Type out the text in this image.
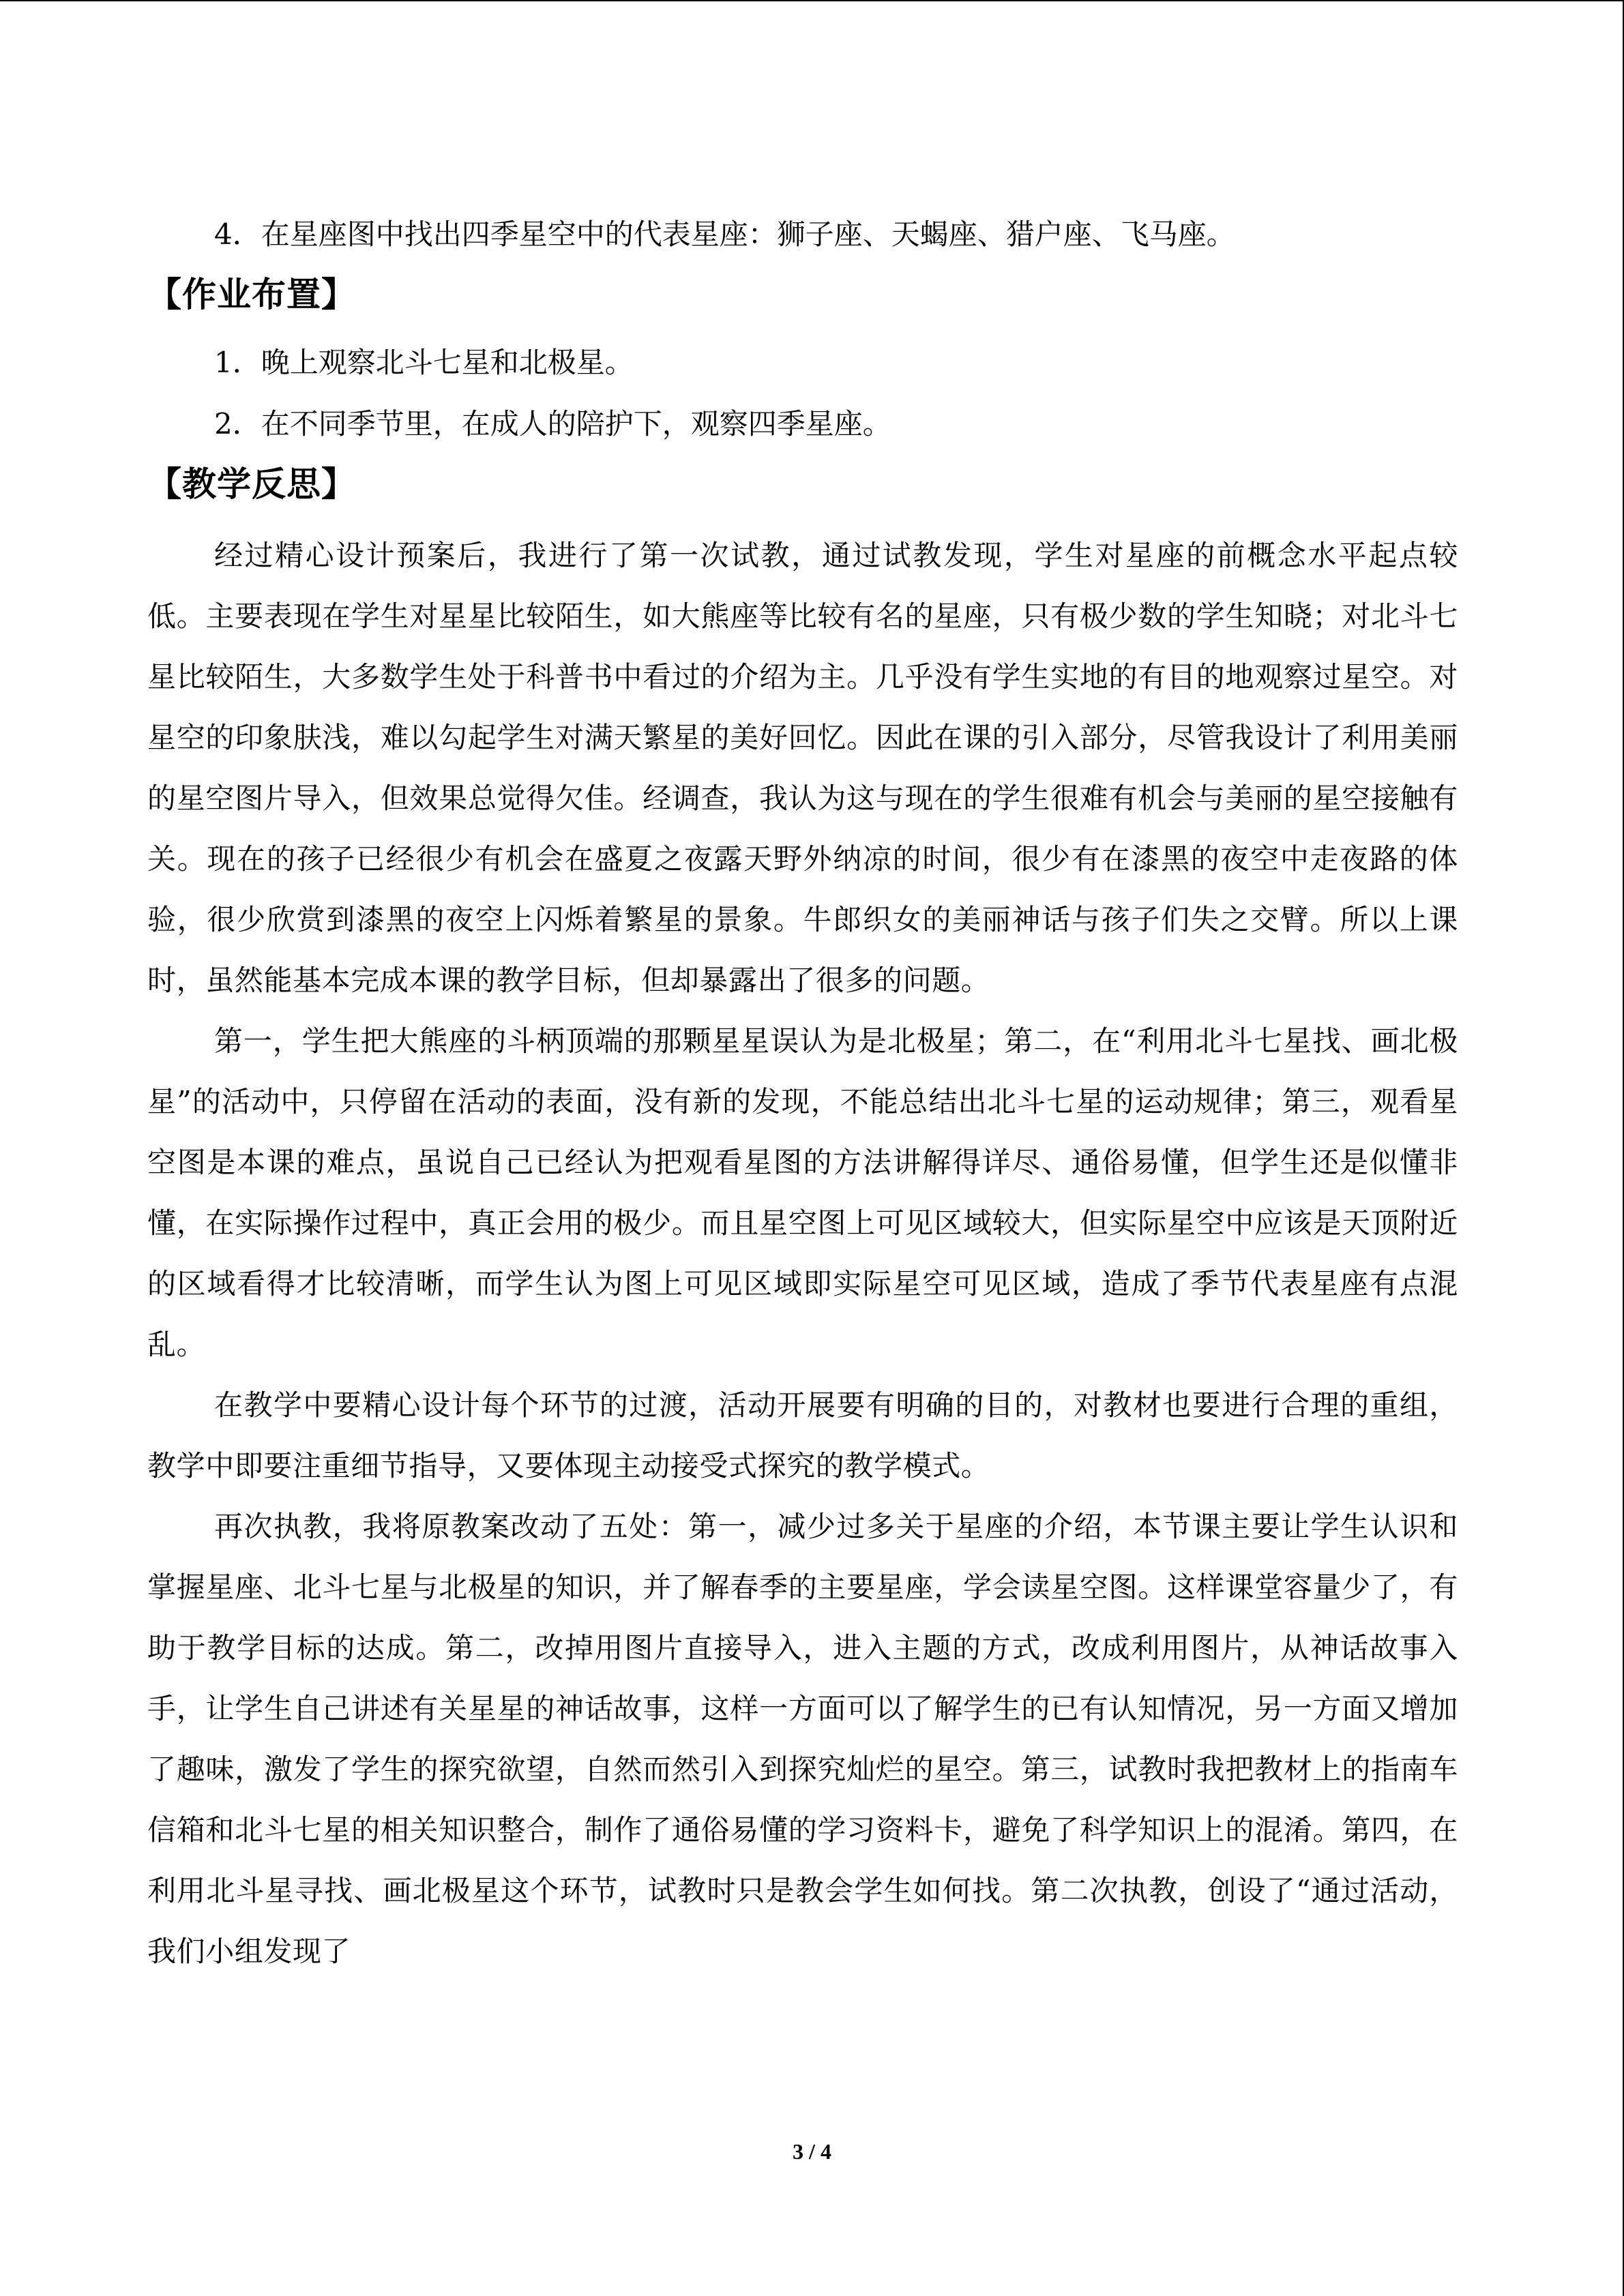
4．在星座图中找出四季星空中的代表星座：狮子座、天蝎座、猎户座、飞马座。

【作业布置】

1．晚上观察北斗七星和北极星。

2．在不同季节里，在成人的陪护下，观察四季星座。

【教学反思】

经过精心设计预案后，我进行了第一次试教，通过试教发现，学生对星座的前概念水平起点较低。主要表现在学生对星星比较陌生，如大熊座等比较有名的星座，只有极少数的学生知晓；对北斗七星比较陌生，大多数学生处于科普书中看过的介绍为主。几乎没有学生实地的有目的地观察过星空。对星空的印象肤浅，难以勾起学生对满天繁星的美好回忆。因此在课的引入部分，尽管我设计了利用美丽的星空图片导入，但效果总觉得欠佳。经调查，我认为这与现在的学生很难有机会与美丽的星空接触有关。现在的孩子已经很少有机会在盛夏之夜露天野外纳凉的时间，很少有在漆黑的夜空中走夜路的体验，很少欣赏到漆黑的夜空上闪烁着繁星的景象。牛郎织女的美丽神话与孩子们失之交臂。所以上课时，虽然能基本完成本课的教学目标，但却暴露出了很多的问题。

第一，学生把大熊座的斗柄顶端的那颗星星误认为是北极星；第二，在“利用北斗七星找、画北极星”的活动中，只停留在活动的表面，没有新的发现，不能总结出北斗七星的运动规律；第三，观看星空图是本课的难点，虽说自己已经认为把观看星图的方法讲解得详尽、通俗易懂，但学生还是似懂非懂，在实际操作过程中，真正会用的极少。而且星空图上可见区域较大，但实际星空中应该是天顶附近的区域看得才比较清晰，而学生认为图上可见区域即实际星空可见区域，造成了季节代表星座有点混乱。

在教学中要精心设计每个环节的过渡，活动开展要有明确的目的，对教材也要进行合理的重组，教学中即要注重细节指导，又要体现主动接受式探究的教学模式。

再次执教，我将原教案改动了五处：第一，减少过多关于星座的介绍，本节课主要让学生认识和掌握星座、北斗七星与北极星的知识，并了解春季的主要星座，学会读星空图。这样课堂容量少了，有助于教学目标的达成。第二，改掉用图片直接导入，进入主题的方式，改成利用图片，从神话故事入手，让学生自己讲述有关星星的神话故事，这样一方面可以了解学生的已有认知情况，另一方面又增加了趣味，激发了学生的探究欲望，自然而然引入到探究灿烂的星空。第三，试教时我把教材上的指南车信箱和北斗七星的相关知识整合，制作了通俗易懂的学习资料卡，避免了科学知识上的混淆。第四，在利用北斗星寻找、画北极星这个环节，试教时只是教会学生如何找。第二次执教，创设了“通过活动，我们小组发现了

3 / 4
